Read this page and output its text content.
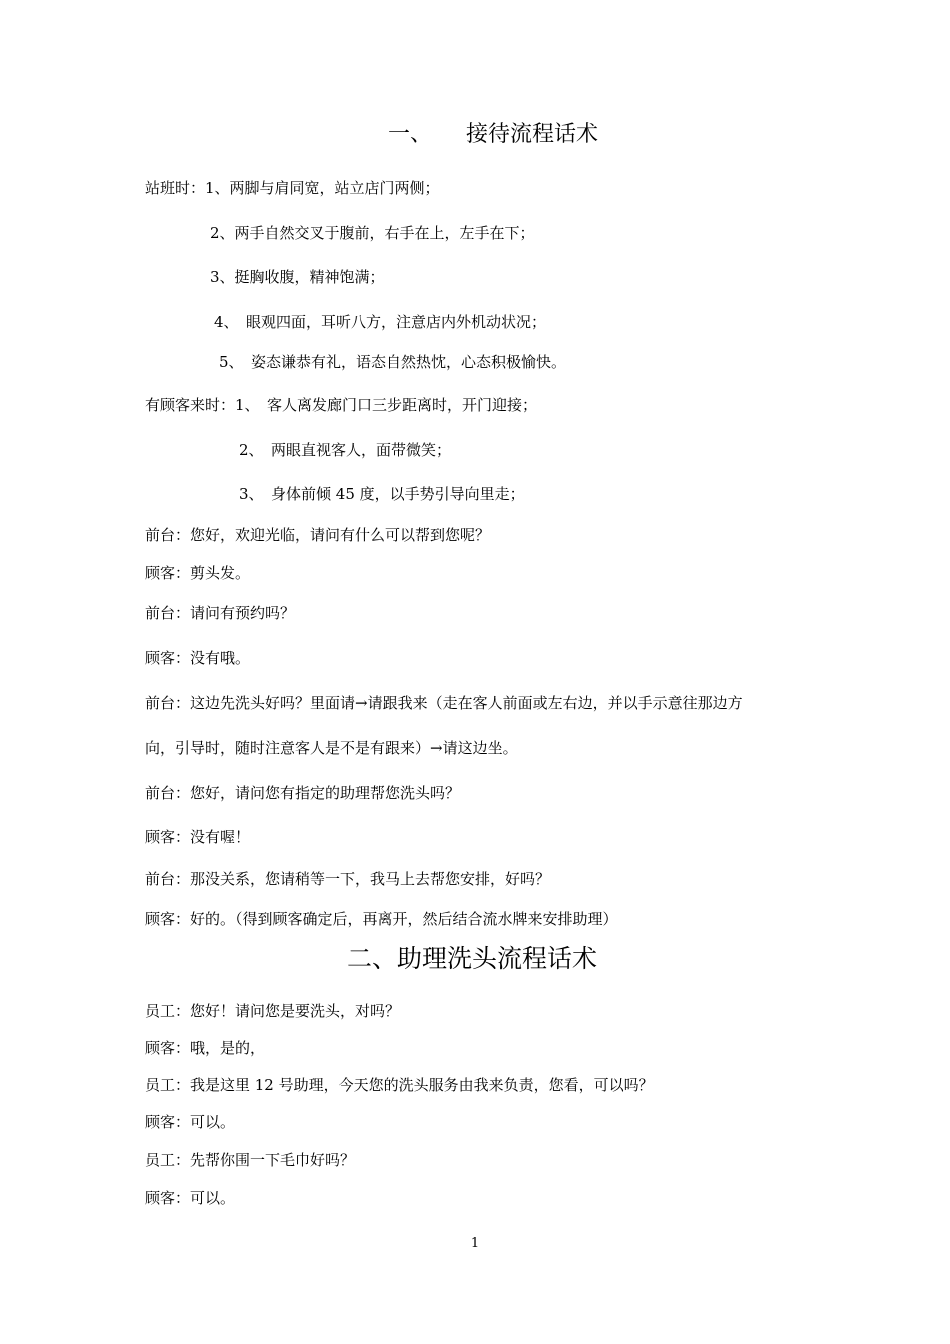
一、 接待流程话术
站班时：1、两脚与肩同宽，站立店门两侧；
2、两手自然交叉于腹前，右手在上，左手在下；
3、挺胸收腹，精神饱满；
4、　眼观四面，耳听八方，注意店内外机动状况；
5、　姿态谦恭有礼，语态自然热忱，心态积极愉快。
有顾客来时：1、　客人离发廊门口三步距离时，开门迎接；
2、　两眼直视客人，面带微笑；
3、　身体前倾 45 度，以手势引导向里走；
前台：您好，欢迎光临，请问有什么可以帮到您呢？
顾客：剪头发。
前台：请问有预约吗？
顾客：没有哦。
前台：这边先洗头好吗？里面请→请跟我来（走在客人前面或左右边，并以手示意往那边方
向，引导时，随时注意客人是不是有跟来）→请这边坐。
前台：您好，请问您有指定的助理帮您洗头吗？
顾客：没有喔！
前台：那没关系，您请稍等一下，我马上去帮您安排，好吗？
顾客：好的。（得到顾客确定后，再离开，然后结合流水牌来安排助理）
二、助理洗头流程话术
员工：您好！请问您是要洗头，对吗？
顾客：哦，是的，
员工：我是这里 12 号助理，今天您的洗头服务由我来负责，您看，可以吗？
顾客：可以。
员工：先帮你围一下毛巾好吗？
顾客：可以。
1
